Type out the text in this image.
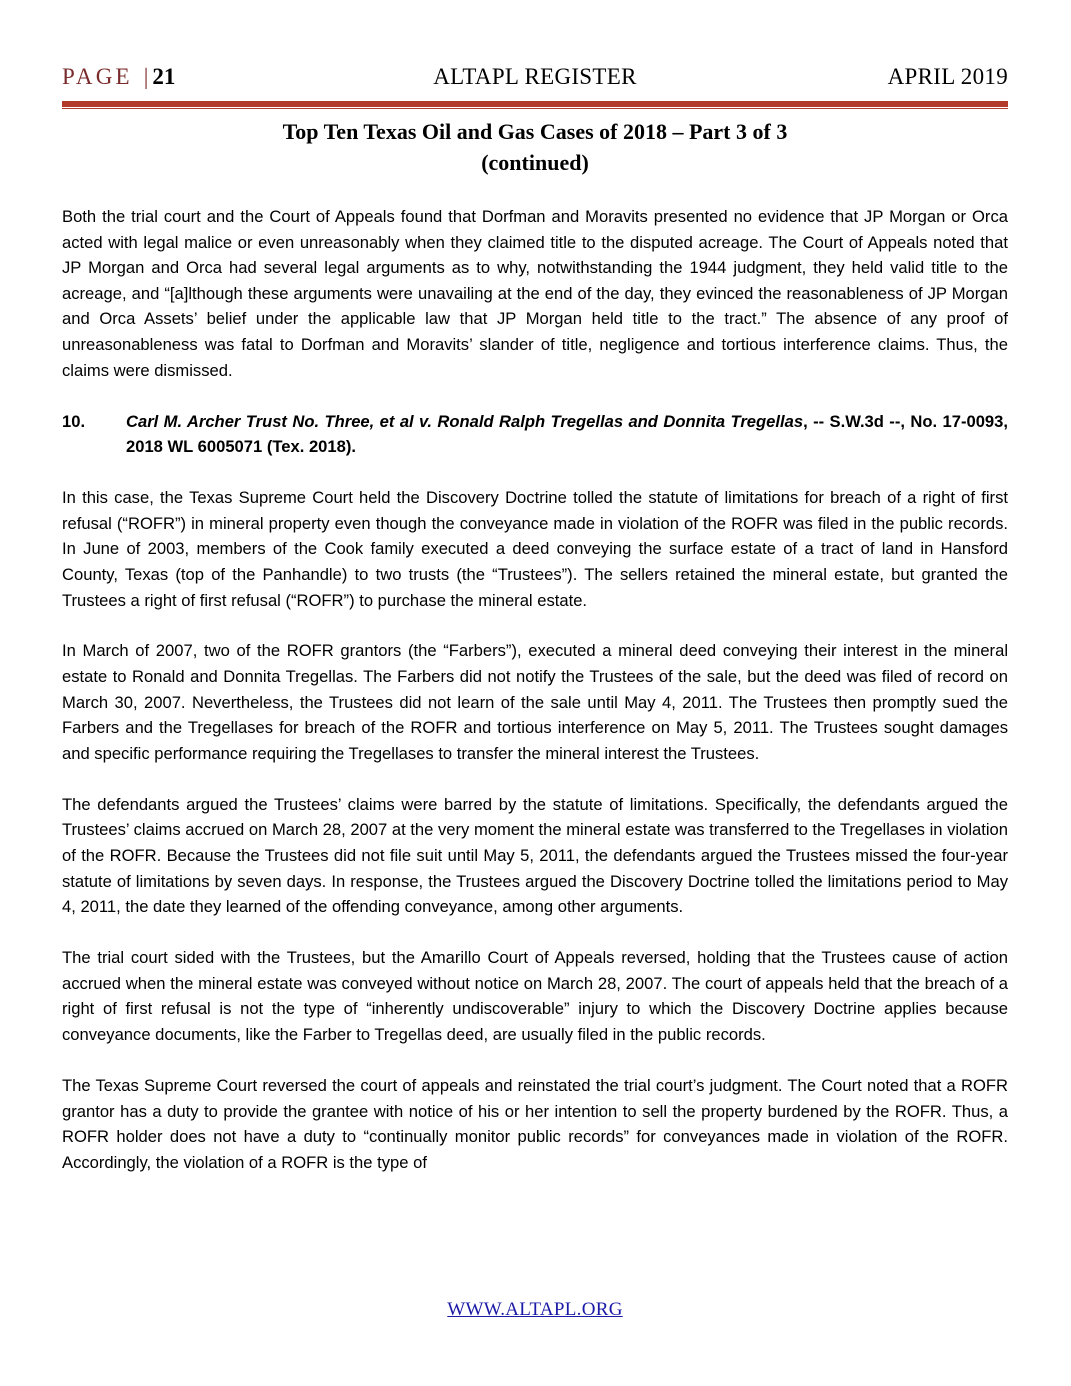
PAGE | 21	ALTAPL REGISTER	APRIL 2019
Top Ten Texas Oil and Gas Cases of 2018 – Part 3 of 3
(continued)

Both the trial court and the Court of Appeals found that Dorfman and Moravits presented no evidence that JP Morgan or Orca acted with legal malice or even unreasonably when they claimed title to the disputed acreage. The Court of Appeals noted that JP Morgan and Orca had several legal arguments as to why, notwithstanding the 1944 judgment, they held valid title to the acreage, and “[a]lthough these arguments were unavailing at the end of the day, they evinced the reasonableness of JP Morgan and Orca Assets’ belief under the applicable law that JP Morgan held title to the tract.” The absence of any proof of unreasonableness was fatal to Dorfman and Moravits’ slander of title, negligence and tortious interference claims. Thus, the claims were dismissed.

10.	Carl M. Archer Trust No. Three, et al v. Ronald Ralph Tregellas and Donnita Tregellas, -- S.W.3d --, No. 17-0093, 2018 WL 6005071 (Tex. 2018).

In this case, the Texas Supreme Court held the Discovery Doctrine tolled the statute of limitations for breach of a right of first refusal (“ROFR”) in mineral property even though the conveyance made in violation of the ROFR was filed in the public records. In June of 2003, members of the Cook family executed a deed conveying the surface estate of a tract of land in Hansford County, Texas (top of the Panhandle) to two trusts (the “Trustees”). The sellers retained the mineral estate, but granted the Trustees a right of first refusal (“ROFR”) to purchase the mineral estate.

In March of 2007, two of the ROFR grantors (the “Farbers”), executed a mineral deed conveying their interest in the mineral estate to Ronald and Donnita Tregellas. The Farbers did not notify the Trustees of the sale, but the deed was filed of record on March 30, 2007. Nevertheless, the Trustees did not learn of the sale until May 4, 2011. The Trustees then promptly sued the Farbers and the Tregellases for breach of the ROFR and tortious interference on May 5, 2011. The Trustees sought damages and specific performance requiring the Tregellases to transfer the mineral interest the Trustees.

The defendants argued the Trustees’ claims were barred by the statute of limitations. Specifically, the defendants argued the Trustees’ claims accrued on March 28, 2007 at the very moment the mineral estate was transferred to the Tregellases in violation of the ROFR. Because the Trustees did not file suit until May 5, 2011, the defendants argued the Trustees missed the four-year statute of limitations by seven days. In response, the Trustees argued the Discovery Doctrine tolled the limitations period to May 4, 2011, the date they learned of the offending conveyance, among other arguments.

The trial court sided with the Trustees, but the Amarillo Court of Appeals reversed, holding that the Trustees cause of action accrued when the mineral estate was conveyed without notice on March 28, 2007. The court of appeals held that the breach of a right of first refusal is not the type of “inherently undiscoverable” injury to which the Discovery Doctrine applies because conveyance documents, like the Farber to Tregellas deed, are usually filed in the public records.

The Texas Supreme Court reversed the court of appeals and reinstated the trial court’s judgment. The Court noted that a ROFR grantor has a duty to provide the grantee with notice of his or her intention to sell the property burdened by the ROFR. Thus, a ROFR holder does not have a duty to “continually monitor public records” for conveyances made in violation of the ROFR. Accordingly, the violation of a ROFR is the type of

WWW.ALTAPL.ORG
